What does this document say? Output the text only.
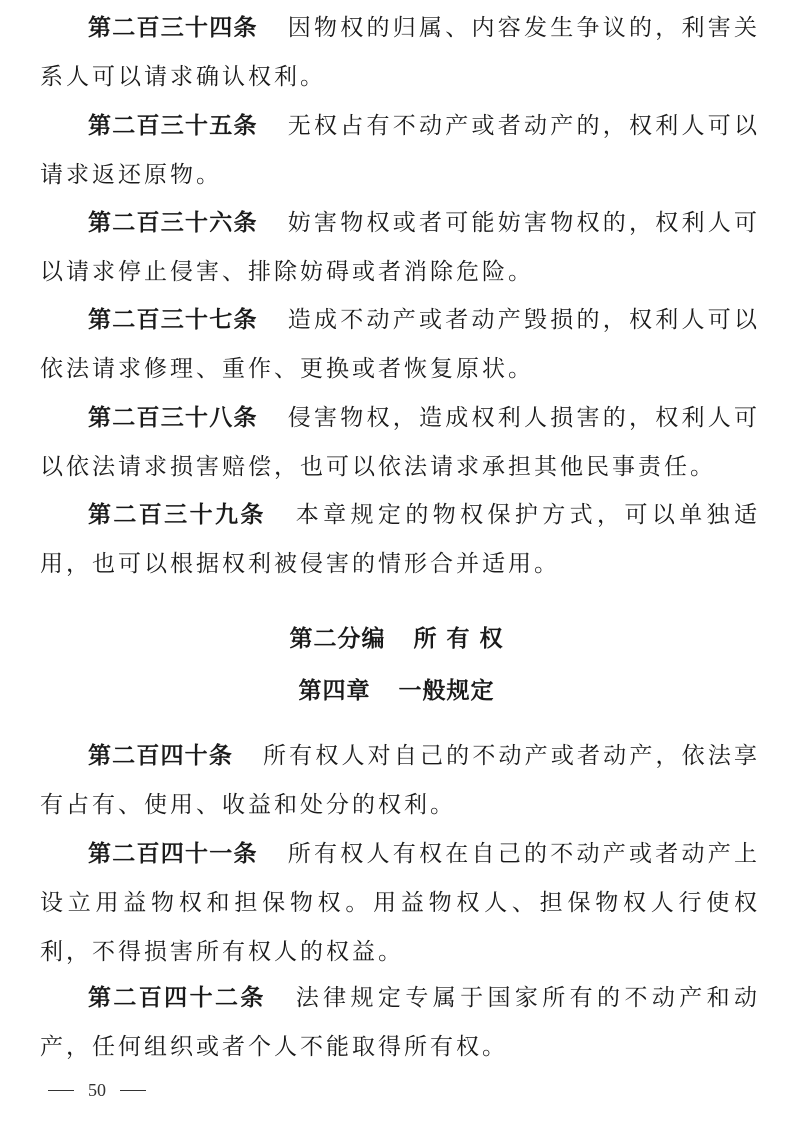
第二百三十四条 因物权的归属、内容发生争议的，利害关系人可以请求确认权利。

第二百三十五条 无权占有不动产或者动产的，权利人可以请求返还原物。

第二百三十六条 妨害物权或者可能妨害物权的，权利人可以请求停止侵害、排除妨碍或者消除危险。

第二百三十七条 造成不动产或者动产毁损的，权利人可以依法请求修理、重作、更换或者恢复原状。

第二百三十八条 侵害物权，造成权利人损害的，权利人可以依法请求损害赔偿，也可以依法请求承担其他民事责任。

第二百三十九条 本章规定的物权保护方式，可以单独适用，也可以根据权利被侵害的情形合并适用。

第二分编 所 有 权

第四章 一般规定

第二百四十条 所有权人对自己的不动产或者动产，依法享有占有、使用、收益和处分的权利。

第二百四十一条 所有权人有权在自己的不动产或者动产上设立用益物权和担保物权。用益物权人、担保物权人行使权利，不得损害所有权人的权益。

第二百四十二条 法律规定专属于国家所有的不动产和动产，任何组织或者个人不能取得所有权。

50
